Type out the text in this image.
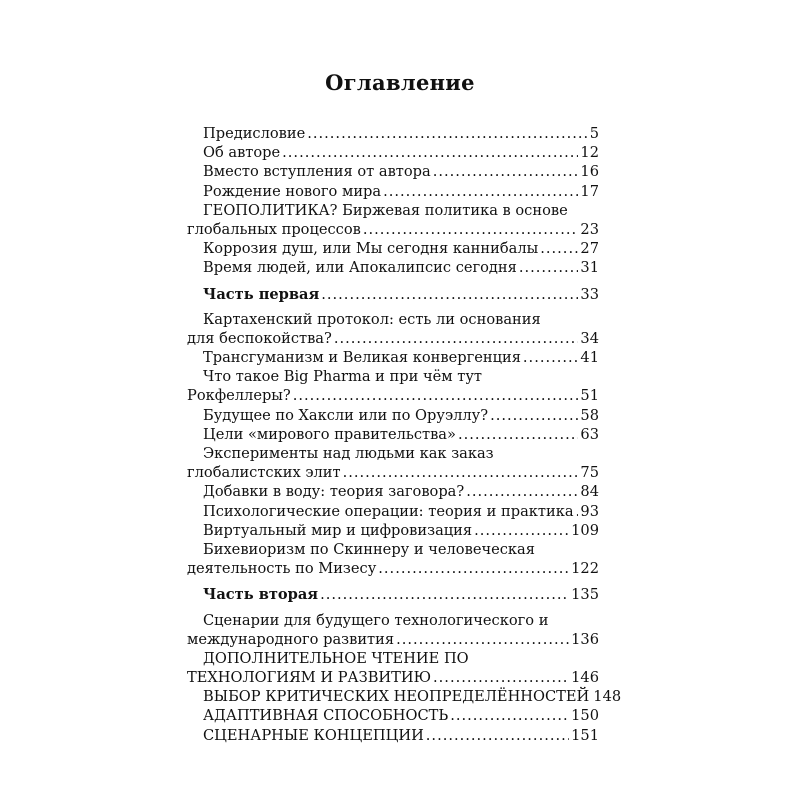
Оглавление
Предисловие .....	5
Об авторе .....	12
Вместо вступления от автора .....	16
Рождение нового мира .....	17
ГЕОПОЛИТИКА? Биржевая политика в основе
глобальных процессов .....	23
Коррозия душ, или Мы сегодня каннибалы .....	27
Время людей, или Апокалипсис сегодня .....	31
Часть первая .....	33
Картахенский протокол: есть ли основания
для беспокойства? .....	34
Трансгуманизм и Великая конвергенция .....	41
Что такое Big Pharma и при чём тут
Рокфеллеры? .....	51
Будущее по Хаксли или по Оруэллу? .....	58
Цели «мирового правительства» .....	63
Эксперименты над людьми как заказ
глобалистских элит .....	75
Добавки в воду: теория заговора? .....	84
Психологические операции: теория и практика ..... 93
Виртуальный мир и цифровизация .....	109
Бихевиоризм по Скиннеру и человеческая
деятельность по Мизесу .....	122
Часть вторая .....	135
Сценарии для будущего технологического и
международного развития .....	136
ДОПОЛНИТЕЛЬНОЕ ЧТЕНИЕ ПО
ТЕХНОЛОГИЯМ И РАЗВИТИЮ .....	146
ВЫБОР КРИТИЧЕСКИХ НЕОПРЕДЕЛЁННОСТЕЙ 148
АДАПТИВНАЯ СПОСОБНОСТЬ .....	150
СЦЕНАРНЫЕ КОНЦЕПЦИИ .....	151
